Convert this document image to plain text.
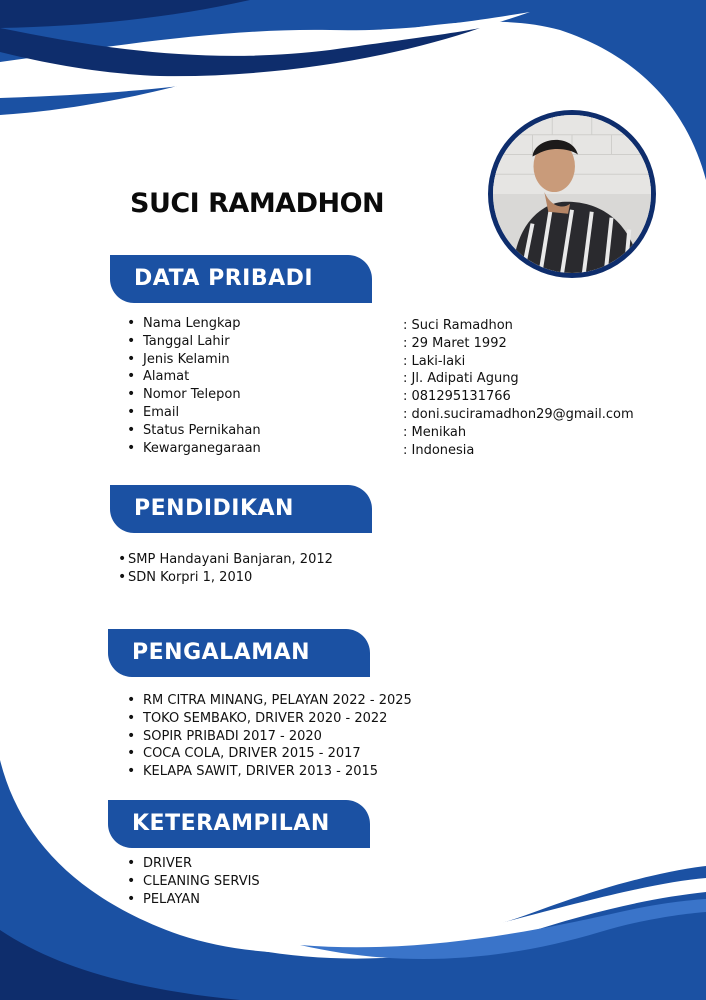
SUCI RAMADHON
DATA PRIBADI
• Nama Lengkap
• Tanggal Lahir
• Jenis Kelamin
• Alamat
• Nomor Telepon
• Email
• Status Pernikahan
• Kewarganegaraan
: Suci Ramadhon
: 29 Maret 1992
: Laki-laki
: Jl. Adipati Agung
: 081295131766
: doni.suciramadhon29@gmail.com
: Menikah
: Indonesia
PENDIDIKAN
• SMP Handayani Banjaran, 2012
• SDN Korpri 1, 2010
PENGALAMAN
• RM CITRA MINANG, PELAYAN 2022 - 2025
• TOKO SEMBAKO, DRIVER 2020 - 2022
• SOPIR PRIBADI 2017 - 2020
• COCA COLA, DRIVER 2015 - 2017
• KELAPA SAWIT, DRIVER 2013 - 2015
KETERAMPILAN
• DRIVER
• CLEANING SERVIS
• PELAYAN
